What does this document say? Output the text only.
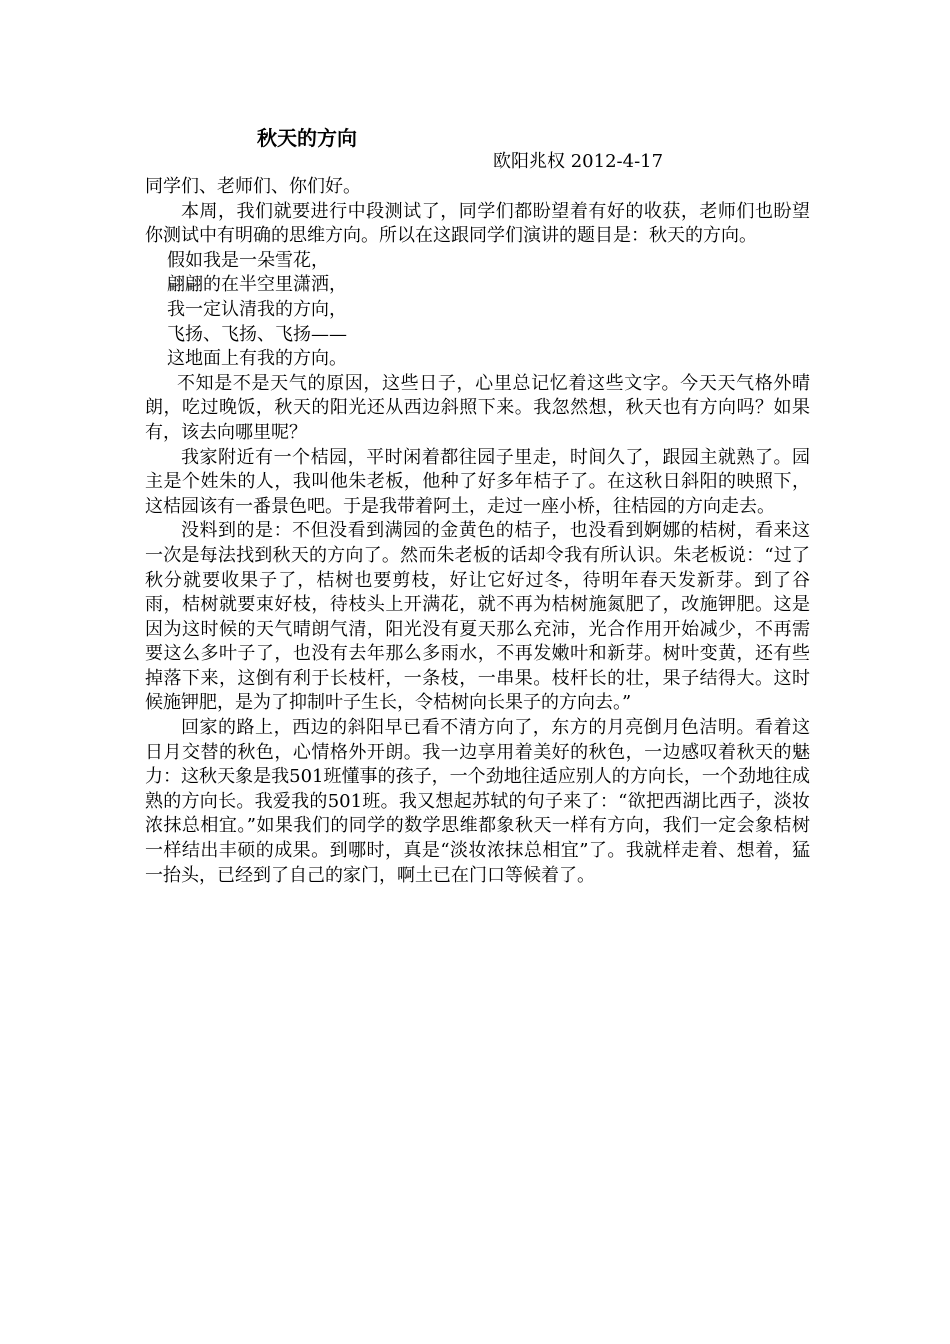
秋天的方向
欧阳兆权 2012-4-17

同学们、老师们、你们好。

本周，我们就要进行中段测试了，同学们都盼望着有好的收获，老师们也盼望你测试中有明确的思维方向。所以在这跟同学们演讲的题目是：秋天的方向。

假如我是一朵雪花，

翩翩的在半空里潇洒，

我一定认清我的方向，

飞扬、飞扬、飞扬——

这地面上有我的方向。

不知是不是天气的原因，这些日子，心里总记忆着这些文字。今天天气格外晴朗，吃过晚饭，秋天的阳光还从西边斜照下来。我忽然想，秋天也有方向吗？如果有，该去向哪里呢？

我家附近有一个桔园，平时闲着都往园子里走，时间久了，跟园主就熟了。园主是个姓朱的人，我叫他朱老板，他种了好多年桔子了。在这秋日斜阳的映照下，这桔园该有一番景色吧。于是我带着阿土，走过一座小桥，往桔园的方向走去。

没料到的是：不但没看到满园的金黄色的桔子，也没看到婀娜的桔树，看来这一次是每法找到秋天的方向了。然而朱老板的话却令我有所认识。朱老板说：“过了秋分就要收果子了，桔树也要剪枝，好让它好过冬，待明年春天发新芽。到了谷雨，桔树就要束好枝，待枝头上开满花，就不再为桔树施氮肥了，改施钾肥。这是因为这时候的天气晴朗气清，阳光没有夏天那么充沛，光合作用开始减少，不再需要这么多叶子了，也没有去年那么多雨水，不再发嫩叶和新芽。树叶变黄，还有些掉落下来，这倒有利于长枝杆，一条枝，一串果。枝杆长的壮，果子结得大。这时候施钾肥，是为了抑制叶子生长，令桔树向长果子的方向去。”

回家的路上，西边的斜阳早已看不清方向了，东方的月亮倒月色洁明。看着这日月交替的秋色，心情格外开朗。我一边享用着美好的秋色，一边感叹着秋天的魅力：这秋天象是我501班懂事的孩子，一个劲地往适应别人的方向长，一个劲地往成熟的方向长。我爱我的501班。我又想起苏轼的句子来了：“欲把西湖比西子，淡妆浓抹总相宜。”如果我们的同学的数学思维都象秋天一样有方向，我们一定会象桔树一样结出丰硕的成果。到哪时，真是“淡妆浓抹总相宜”了。我就样走着、想着，猛一抬头，已经到了自己的家门，啊土已在门口等候着了。
